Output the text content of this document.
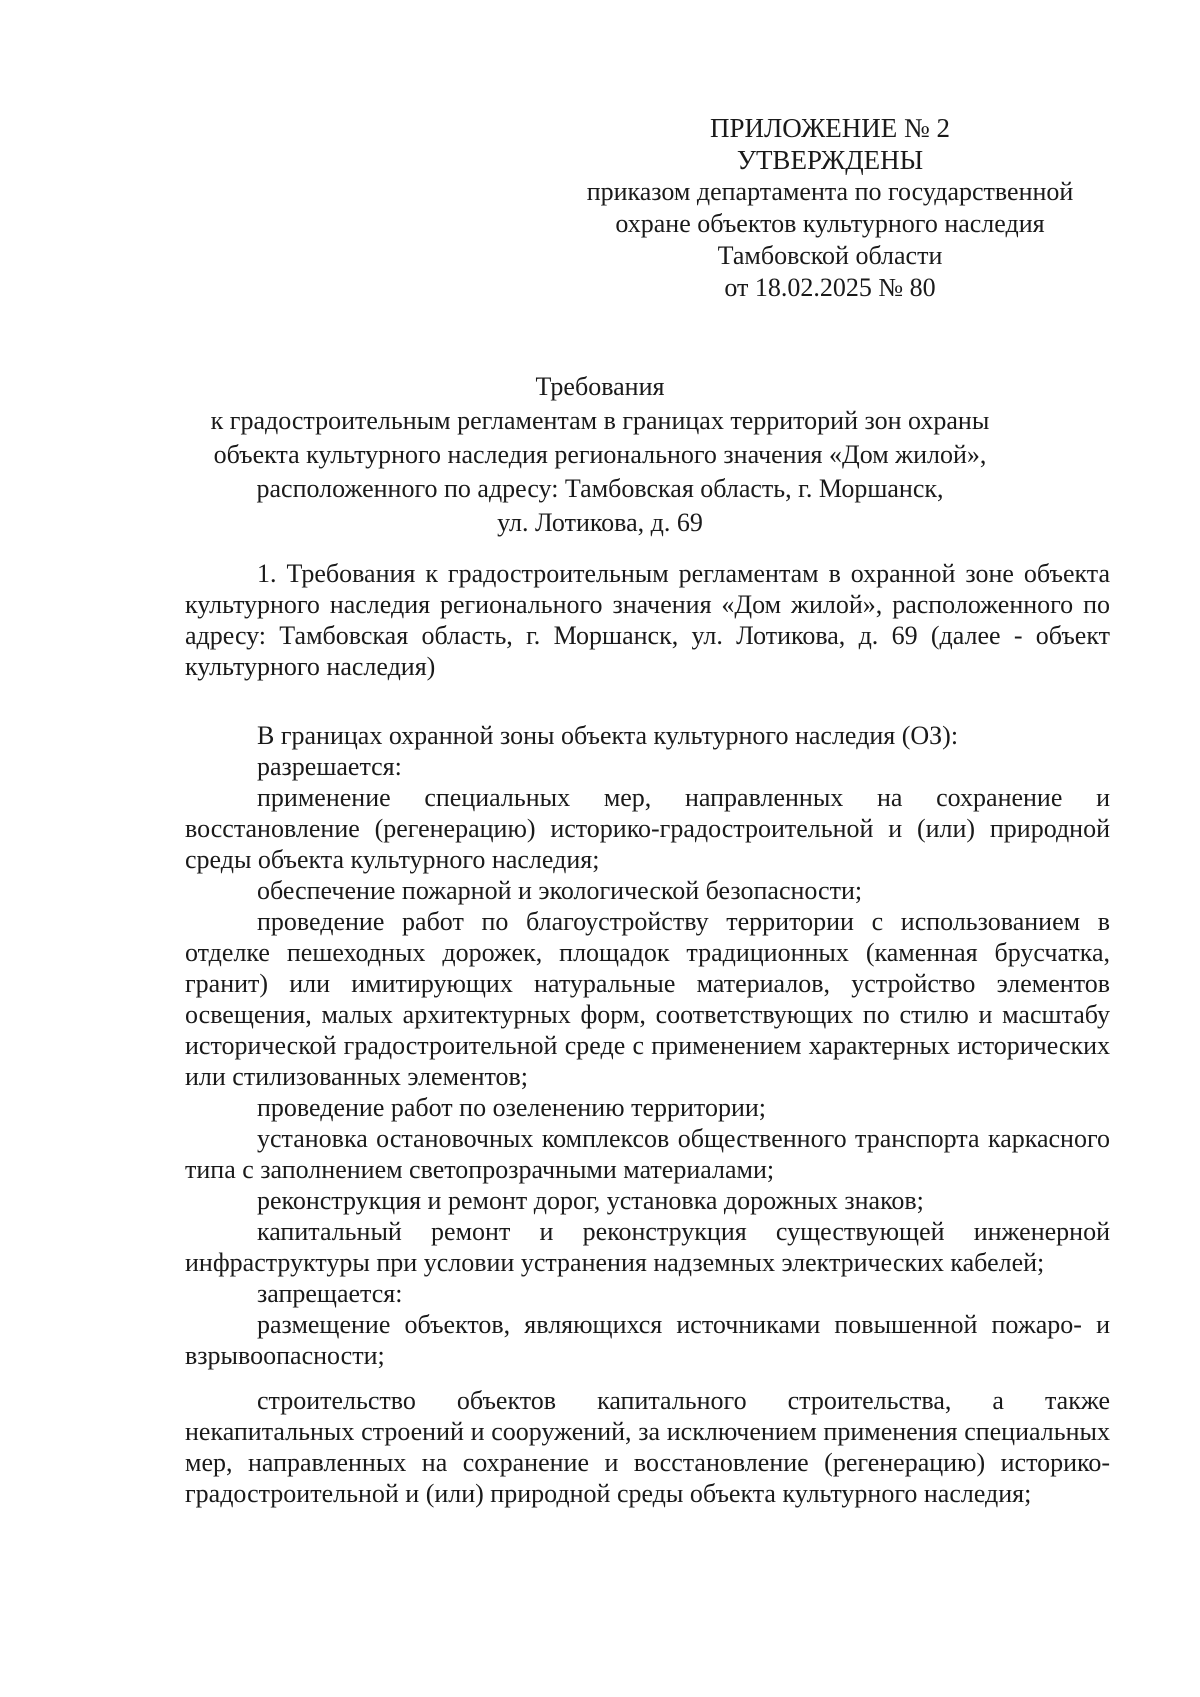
ПРИЛОЖЕНИЕ № 2
УТВЕРЖДЕНЫ
приказом департамента по государственной
охране объектов культурного наследия
Тамбовской области
от 18.02.2025 № 80
Требования
к градостроительным регламентам в границах территорий зон охраны
объекта культурного наследия регионального значения «Дом жилой»,
расположенного по адресу: Тамбовская область, г. Моршанск,
ул. Лотикова, д. 69

1. Требования к градостроительным регламентам в охранной зоне объекта культурного наследия регионального значения «Дом жилой», расположенного по адресу: Тамбовская область, г. Моршанск, ул. Лотикова, д. 69 (далее - объект культурного наследия)

В границах охранной зоны объекта культурного наследия (ОЗ):

разрешается:

применение специальных мер, направленных на сохранение и восстановление (регенерацию) историко-градостроительной и (или) природной среды объекта культурного наследия;

обеспечение пожарной и экологической безопасности;

проведение работ по благоустройству территории с использованием в отделке пешеходных дорожек, площадок традиционных (каменная брусчатка, гранит) или имитирующих натуральные материалов, устройство элементов освещения, малых архитектурных форм, соответствующих по стилю и масштабу исторической градостроительной среде с применением характерных исторических или стилизованных элементов;

проведение работ по озеленению территории;

установка остановочных комплексов общественного транспорта каркасного типа с заполнением светопрозрачными материалами;

реконструкция и ремонт дорог, установка дорожных знаков;

капитальный ремонт и реконструкция существующей инженерной инфраструктуры при условии устранения надземных электрических кабелей;

запрещается:

размещение объектов, являющихся источниками повышенной пожаро- и взрывоопасности;

строительство объектов капитального строительства, а также некапитальных строений и сооружений, за исключением применения специальных мер, направленных на сохранение и восстановление (регенерацию) историко-градостроительной и (или) природной среды объекта культурного наследия;
